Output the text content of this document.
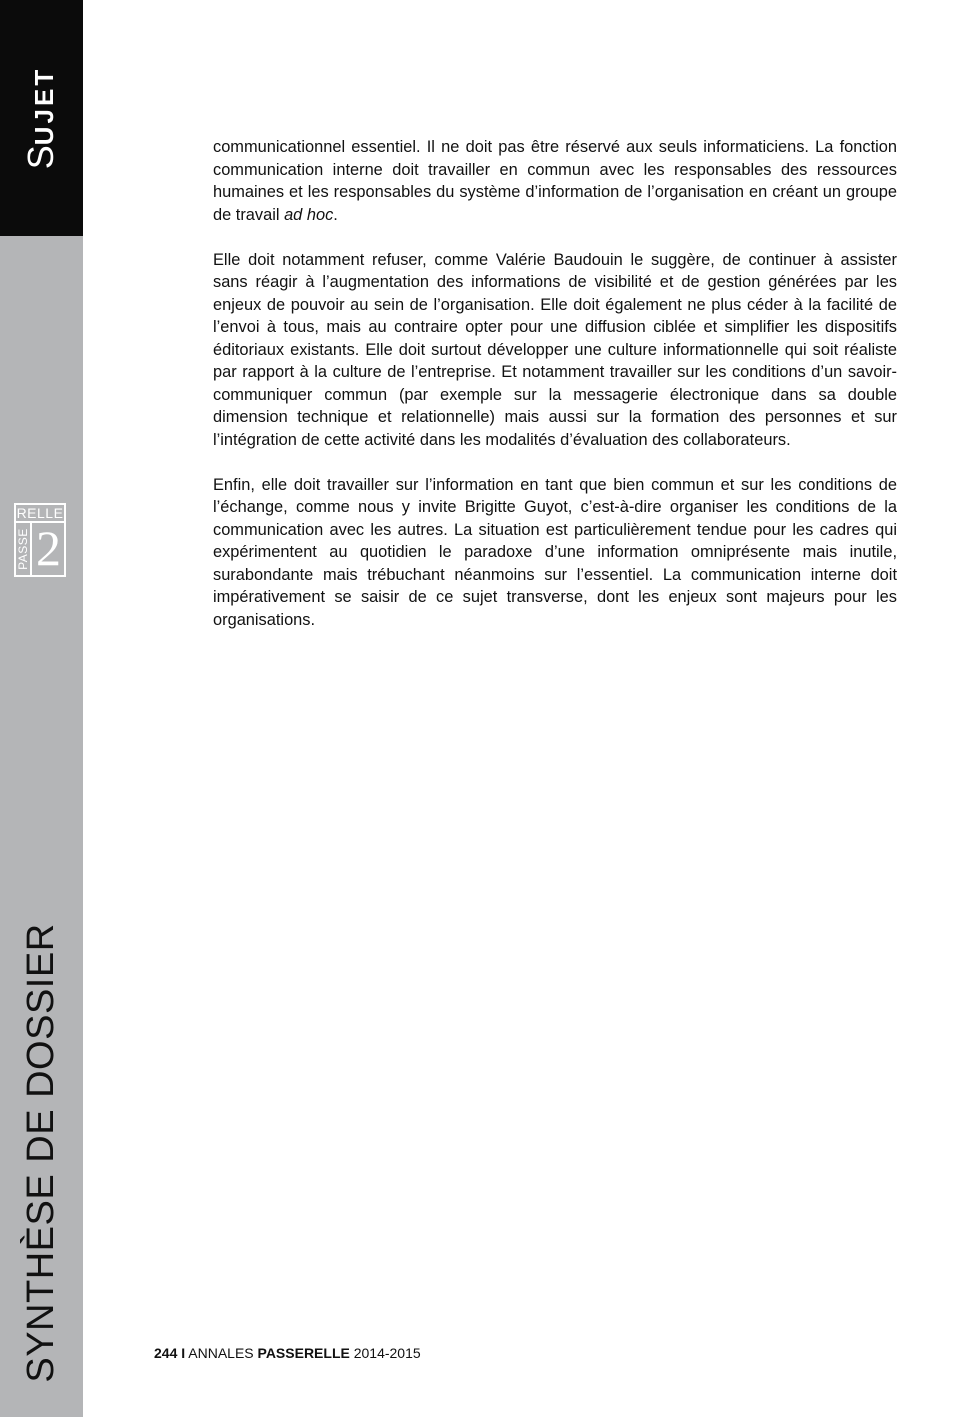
SUJET
RELLE
PASSE 2
SYNTHÈSE DE DOSSIER

communicationnel essentiel. Il ne doit pas être réservé aux seuls informaticiens. La fonction communication interne doit travailler en commun avec les responsables des ressources humaines et les responsables du système d’information de l’organisation en créant un groupe de travail ad hoc.

Elle doit notamment refuser, comme Valérie Baudouin le suggère, de continuer à assister sans réagir à l’augmentation des informations de visibilité et de gestion générées par les enjeux de pouvoir au sein de l’organisation. Elle doit également ne plus céder à la facilité de l’envoi à tous, mais au contraire opter pour une diffusion ciblée et simplifier les dispositifs éditoriaux existants. Elle doit surtout développer une culture informationnelle qui soit réaliste par rapport à la culture de l’entreprise. Et notamment travailler sur les conditions d’un savoir-communiquer commun (par exemple sur la messagerie électronique dans sa double dimension technique et relationnelle) mais aussi sur la formation des personnes et sur l’intégration de cette activité dans les modalités d’évaluation des collaborateurs.

Enfin, elle doit travailler sur l’information en tant que bien commun et sur les conditions de l’échange, comme nous y invite Brigitte Guyot, c’est-à-dire organiser les conditions de la communication avec les autres. La situation est particulièrement tendue pour les cadres qui expérimentent au quotidien le paradoxe d’une information omniprésente mais inutile, surabondante mais trébuchant néanmoins sur l’essentiel. La communication interne doit impérativement se saisir de ce sujet transverse, dont les enjeux sont majeurs pour les organisations.

244 I ANNALES PASSERELLE 2014-2015
